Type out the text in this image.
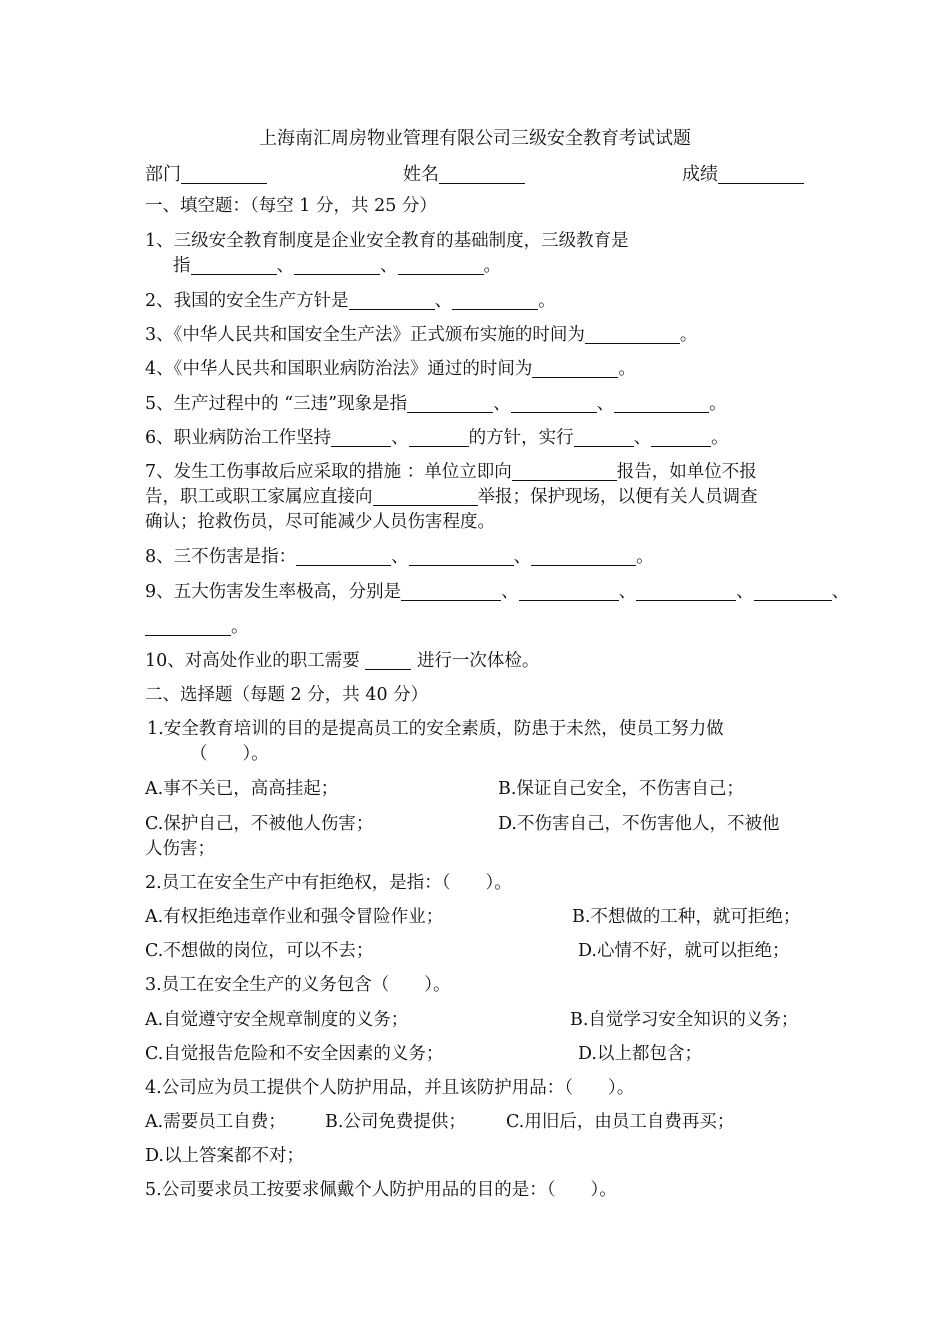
上海南汇周房物业管理有限公司三级安全教育考试试题
部门	姓名	成绩
一、填空题：（每空 1 分，共 25 分）
1、三级安全教育制度是企业安全教育的基础制度，三级教育是
指	、	、	。
2、我国的安全生产方针是	、	。
3、《中华人民共和国安全生产法》正式颁布实施的时间为	。
4、《中华人民共和国职业病防治法》通过的时间为	。
5、生产过程中的 “三违”现象是指	、	、	。
6、职业病防治工作坚持	、	的方针，实行	、	。
7、发生工伤事故后应采取的措施 ：单位立即向	报告，如单位不报
告，职工或职工家属应直接向	举报；保护现场，以便有关人员调查
确认；抢救伤员，尽可能减少人员伤害程度。
8、三不伤害是指：	、	、	。
9、五大伤害发生率极高，分别是	、	、	、	、
。
10、对高处作业的职工需要	进行一次体检。
二、选择题（每题 2 分，共 40 分）
1.安全教育培训的目的是提高员工的安全素质，防患于未然，使员工努力做
（　　）。
A.事不关已，高高挂起；	B.保证自己安全，不伤害自己；
C.保护自己，不被他人伤害；	D.不伤害自己，不伤害他人，不被他
人伤害；
2.员工在安全生产中有拒绝权，是指：（　　）。
A.有权拒绝违章作业和强令冒险作业；	B.不想做的工种，就可拒绝；
C.不想做的岗位，可以不去；	D.心情不好，就可以拒绝；
3.员工在安全生产的义务包含（　　）。
A.自觉遵守安全规章制度的义务；	B.自觉学习安全知识的义务；
C.自觉报告危险和不安全因素的义务；	D.以上都包含；
4.公司应为员工提供个人防护用品，并且该防护用品：（　　）。
A.需要员工自费； B.公司免费提供； C.用旧后，由员工自费再买；
D.以上答案都不对；
5.公司要求员工按要求佩戴个人防护用品的目的是：（　　）。
